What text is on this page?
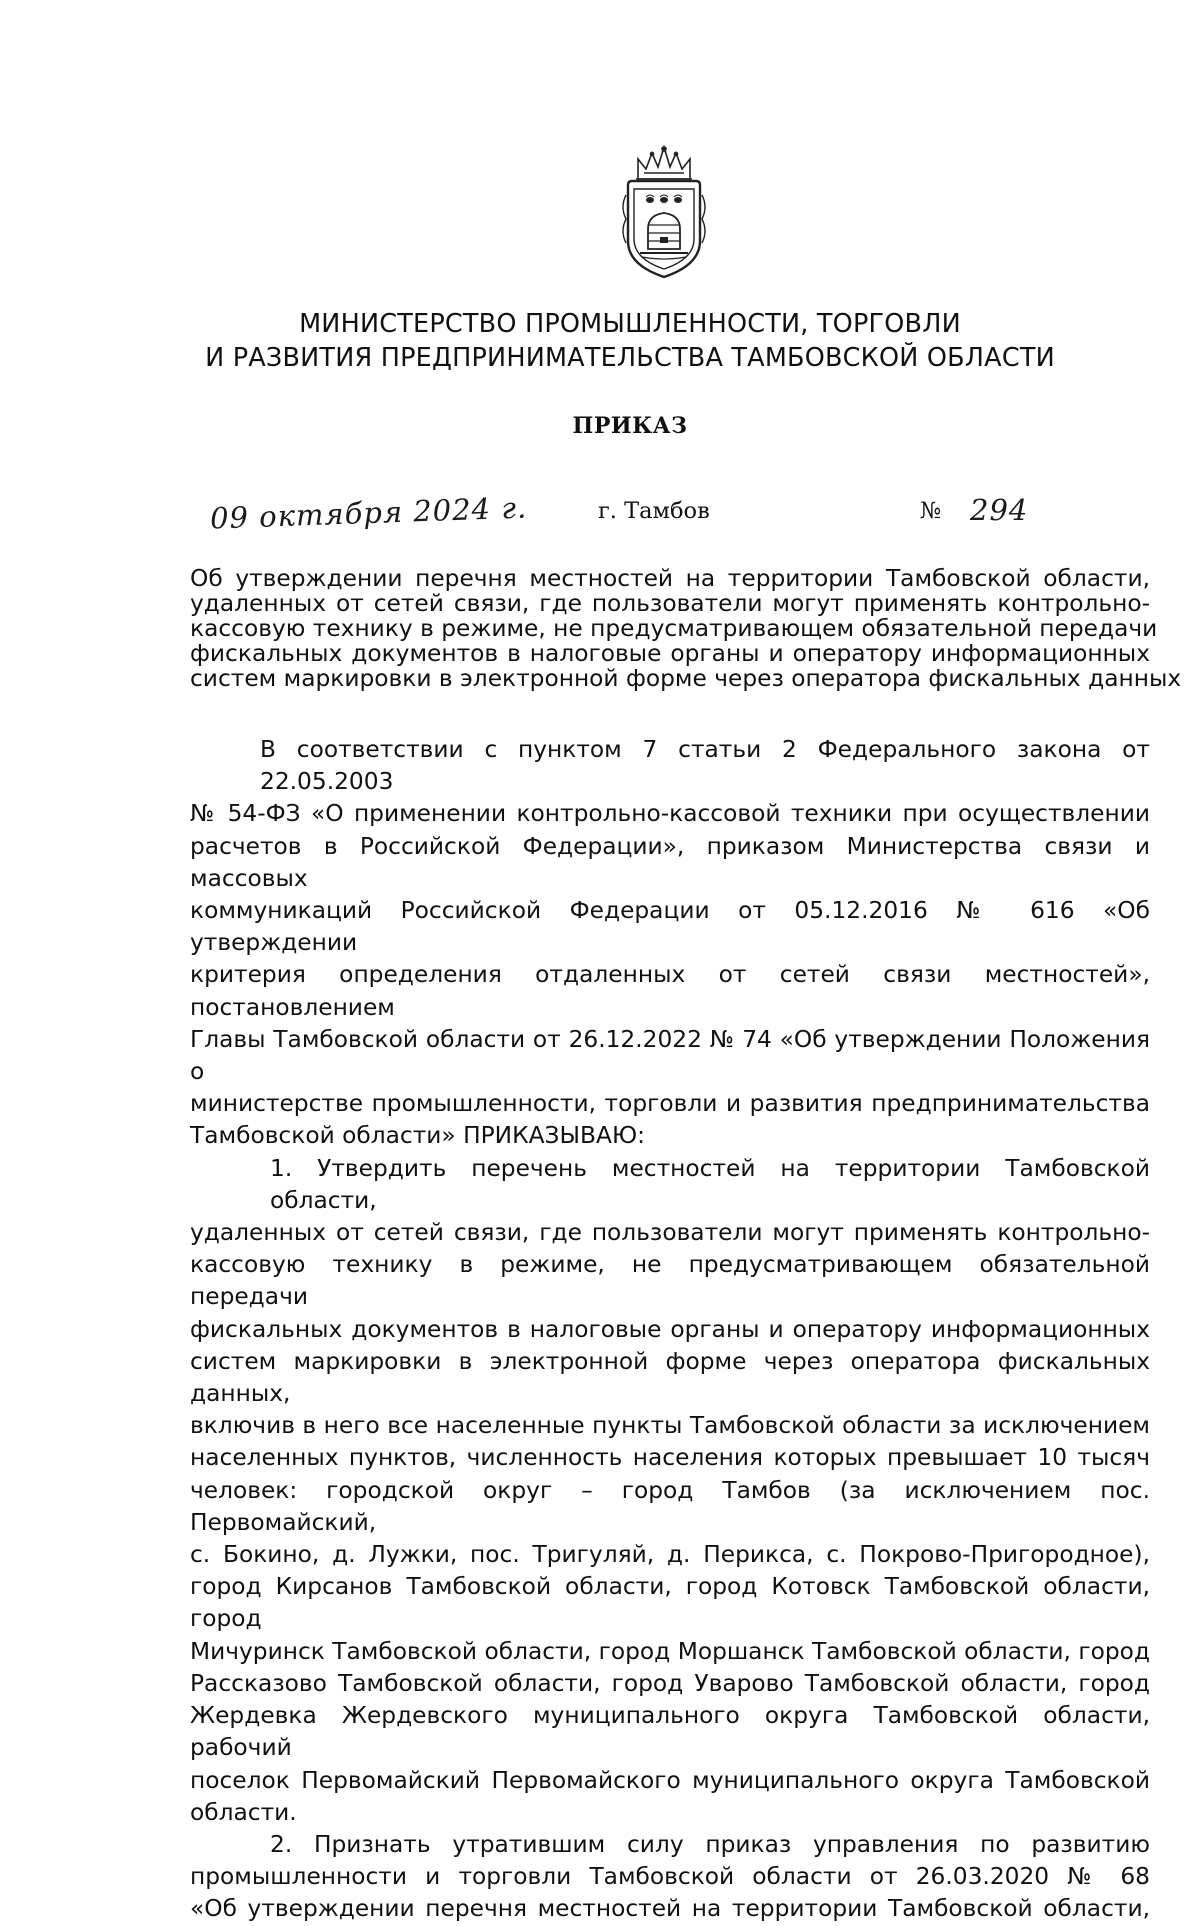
МИНИСТЕРСТВО ПРОМЫШЛЕННОСТИ, ТОРГОВЛИ
И РАЗВИТИЯ ПРЕДПРИНИМАТЕЛЬСТВА ТАМБОВСКОЙ ОБЛАСТИ
ПРИКАЗ
09 октября 2024 г.	г. Тамбов	№ 294
Об утверждении перечня местностей на территории Тамбовской области,
удаленных от сетей связи, где пользователи могут применять контрольно-
кассовую технику в режиме, не предусматривающем обязательной передачи
фискальных документов в налоговые органы и оператору информационных
систем маркировки в электронной форме через оператора фискальных данных
В соответствии с пунктом 7 статьи 2 Федерального закона от 22.05.2003
№ 54-ФЗ «О применении контрольно-кассовой техники при осуществлении
расчетов в Российской Федерации», приказом Министерства связи и массовых
коммуникаций Российской Федерации от 05.12.2016 № 616 «Об утверждении
критерия определения отдаленных от сетей связи местностей», постановлением
Главы Тамбовской области от 26.12.2022 № 74 «Об утверждении Положения о
министерстве промышленности, торговли и развития предпринимательства
Тамбовской области» ПРИКАЗЫВАЮ:
1. Утвердить перечень местностей на территории Тамбовской области,
удаленных от сетей связи, где пользователи могут применять контрольно-
кассовую технику в режиме, не предусматривающем обязательной передачи
фискальных документов в налоговые органы и оператору информационных
систем маркировки в электронной форме через оператора фискальных данных,
включив в него все населенные пункты Тамбовской области за исключением
населенных пунктов, численность населения которых превышает 10 тысяч
человек: городской округ – город Тамбов (за исключением пос. Первомайский,
с. Бокино, д. Лужки, пос. Тригуляй, д. Перикса, с. Покрово-Пригородное),
город Кирсанов Тамбовской области, город Котовск Тамбовской области, город
Мичуринск Тамбовской области, город Моршанск Тамбовской области, город
Рассказово Тамбовской области, город Уварово Тамбовской области, город
Жердевка Жердевского муниципального округа Тамбовской области, рабочий
поселок Первомайский Первомайского муниципального округа Тамбовской
области.
2. Признать утратившим силу приказ управления по развитию
промышленности и торговли Тамбовской области от 26.03.2020 № 68
«Об утверждении перечня местностей на территории Тамбовской области,
